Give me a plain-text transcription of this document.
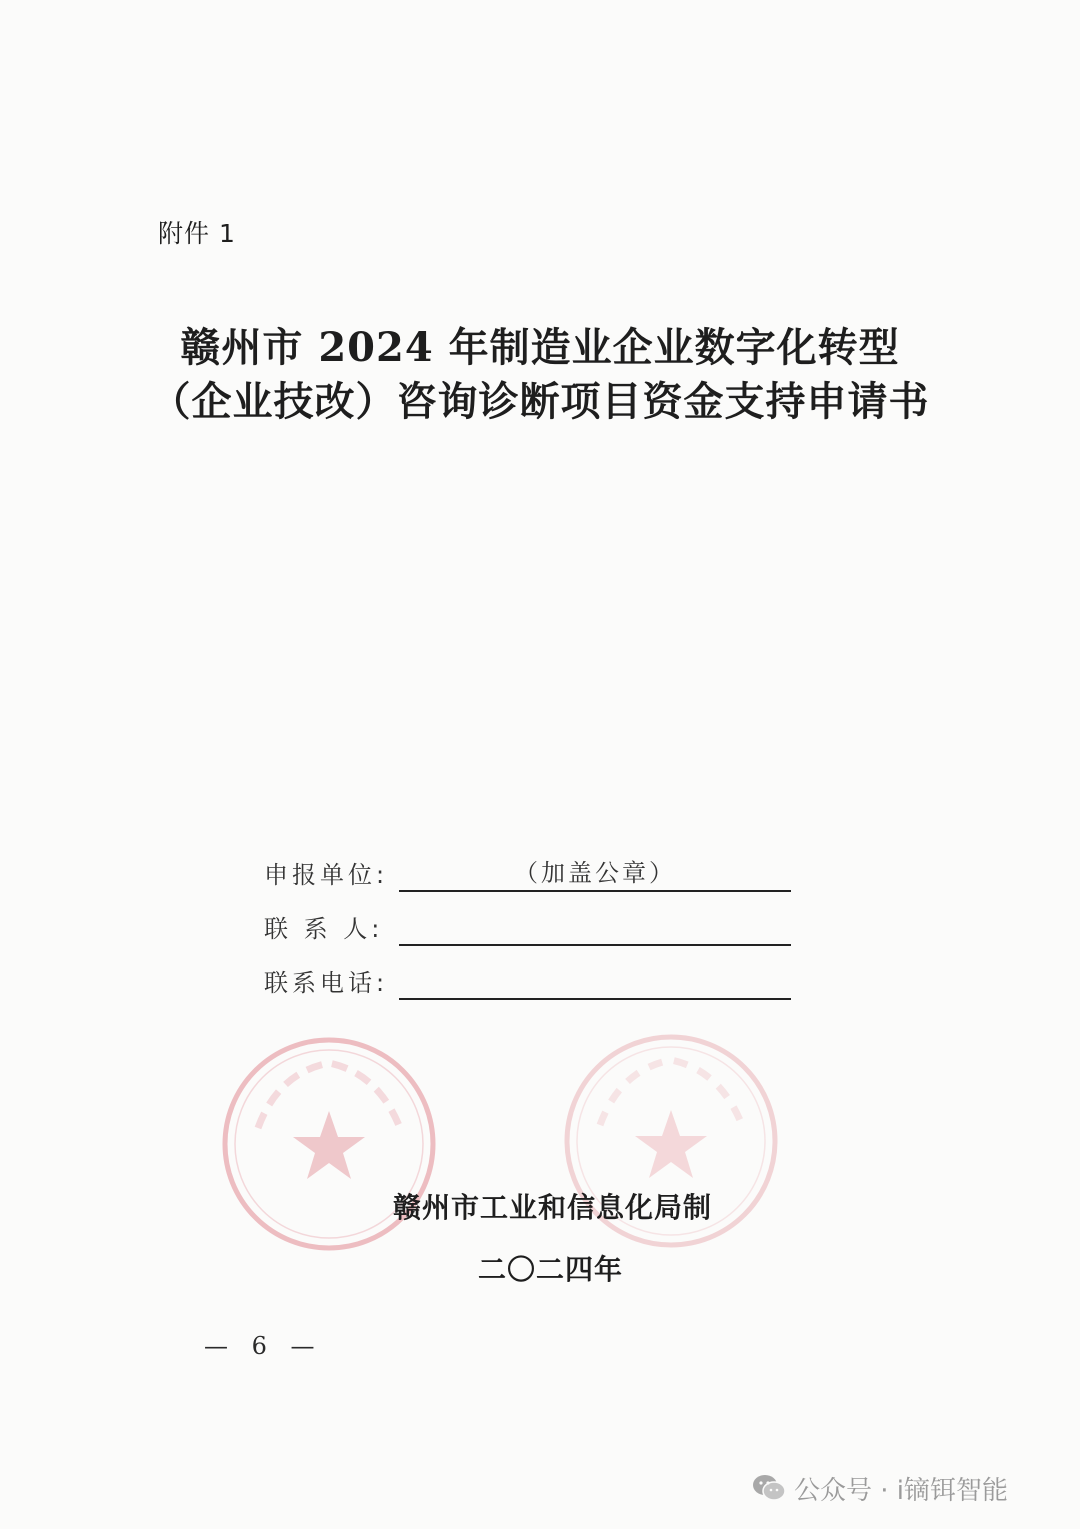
附件 1
赣州市 2024 年制造业企业数字化转型
（企业技改）咨询诊断项目资金支持申请书
申报单位:	（加盖公章）
联 系 人:
联系电话:
赣州市工业和信息化局制
二〇二四年
— 6 —
公众号 · i镝铒智能
